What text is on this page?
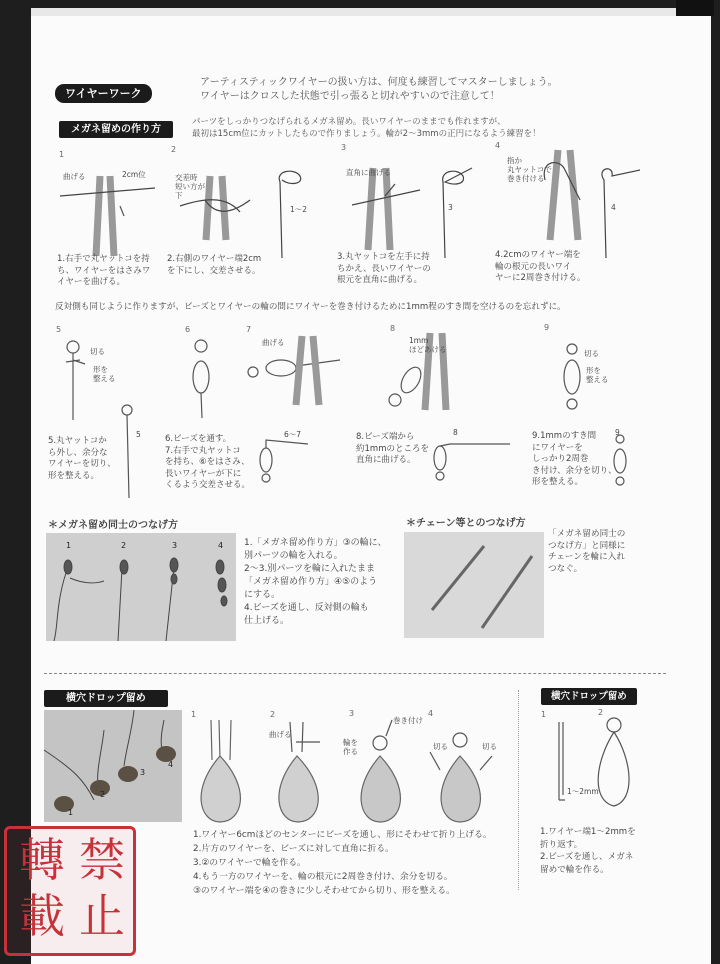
ワイヤーワーク
アーティスティックワイヤーの扱い方は、何度も練習してマスターしましょう。
ワイヤーはクロスした状態で引っ張ると切れやすいので注意して！
メガネ留めの作り方
パーツをしっかりつなげられるメガネ留め。長いワイヤーのままでも作れますが、
最初は15cm位にカットしたもので作りましょう。輪が2〜3mmの正円になるよう練習を！
1
2	3	4
曲げる	2cm位	交差時
短い方が
下
1〜2
直角に曲げる
3
指か
丸ヤットコで
巻き付ける
4
1.右手で丸ヤットコを持
ち、ワイヤーをはさみワ
イヤーを曲げる。
2.右側のワイヤー端2cm
を下にし、交差させる。
3.丸ヤットコを左手に持
ちかえ、長いワイヤーの
根元を直角に曲げる。
4.2cmのワイヤー端を
輪の根元の長いワイ
ヤーに2周巻き付ける。
反対側も同じように作りますが、ビーズとワイヤーの輪の間にワイヤーを巻き付けるために1mm程のすき間を空けるのを忘れずに。
5	6	7	8	9
切る
形を
整える
5
曲げる
6〜7
1mm
ほどあける
8
切る
形を
整える
9
5.丸ヤットコか
ら外し、余分な
ワイヤーを切り、
形を整える。
6.ビーズを通す。
7.右手で丸ヤットコ
を持ち、⑥をはさみ、
長いワイヤーが下に
くるよう交差させる。
8.ビーズ端から
約1mmのところを
直角に曲げる。
9.1mmのすき間
にワイヤーを
しっかり2周巻
き付け、余分を切り、
形を整える。
＊メガネ留め同士のつなげ方
1	2	3	4 1.「メガネ留め作り方」③の輪に、
別パーツの輪を入れる。
2〜3.別パーツを輪に入れたまま
「メガネ留め作り方」④⑤のよう
にする。
4.ビーズを通し、反対側の輪も
仕上げる。
＊チェーン等とのつなげ方
「メガネ留め同士の
つなげ方」と同様に
チェーンを輪に入れ
つなぐ。
横穴ドロップ留め
1
2
3
4
1	2	3	4
曲げる
巻き付け
輪を
作る
切る	切る
1.ワイヤー6cmほどのセンターにビーズを通し、形にそわせて折り上げる。
2.片方のワイヤーを、ビーズに対して直角に折る。
3.②のワイヤーで輪を作る。
4.もう一方のワイヤーを、輪の根元に2周巻き付け、余分を切る。
③のワイヤー端を④の巻きに少しそわせてから切り、形を整える。
横穴ドロップ留め
1	2
1〜2mm
1.ワイヤー端1〜2mmを
折り返す。
2.ビーズを通し、メガネ
留めで輪を作る。
禁
止
轉
載
